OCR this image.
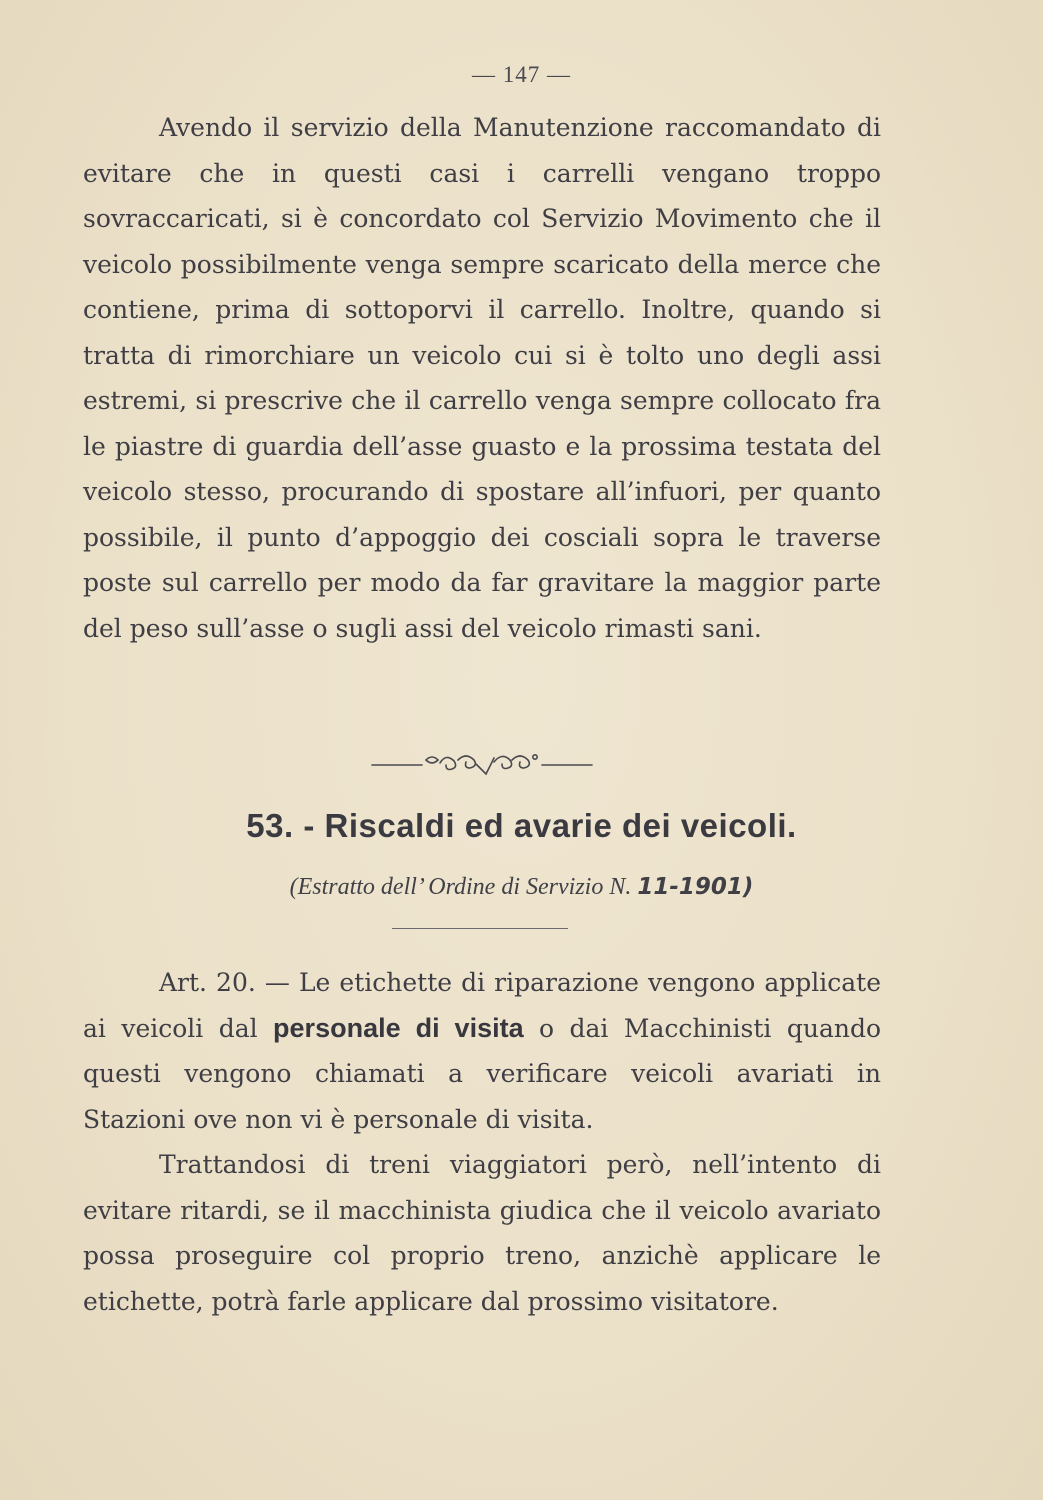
— 147 —

Avendo il servizio della Manutenzione raccomandato di evitare che in questi casi i carrelli vengano troppo sovraccaricati, si è concordato col Servizio Movimento che il veicolo possibilmente venga sempre scaricato della merce che contiene, prima di sottoporvi il carrello. Inoltre, quando si tratta di rimorchiare un veicolo cui si è tolto uno degli assi estremi, si prescrive che il carrello venga sempre collocato fra le piastre di guardia dell’asse guasto e la prossima testata del veicolo stesso, procurando di spostare all’infuori, per quanto possibile, il punto d’appoggio dei cosciali sopra le traverse poste sul carrello per modo da far gravitare la maggior parte del peso sull’asse o sugli assi del veicolo rimasti sani.

53. - Riscaldi ed avarie dei veicoli.
(Estratto dell’ Ordine di Servizio N. 11-1901)

Art. 20. — Le etichette di riparazione vengono applicate ai veicoli dal personale di visita o dai Macchinisti quando questi vengono chiamati a verificare veicoli avariati in Stazioni ove non vi è personale di visita.

Trattandosi di treni viaggiatori però, nell’intento di evitare ritardi, se il macchinista giudica che il veicolo avariato possa proseguire col proprio treno, anzichè applicare le etichette, potrà farle applicare dal prossimo visitatore.
